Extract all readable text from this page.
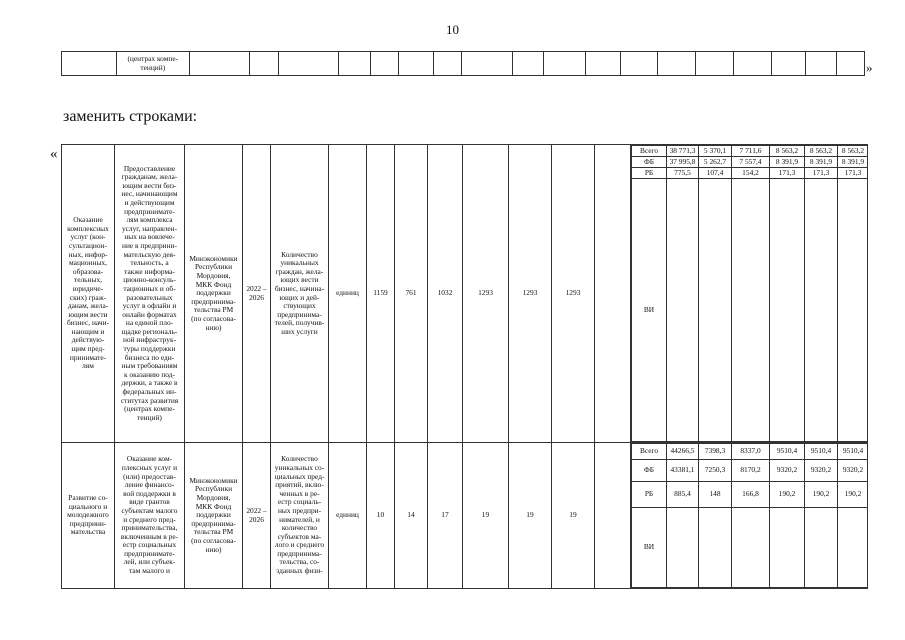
10
	(центрах компе-
тенций)																			»
заменить строками:
«
Оказание
комплексных
услуг (кон-
сультацион-
ных, инфор-
мационных,
образова-
тельных,
юридиче-
ских) граж-
данам, жела-
ющим вести
бизнес, начи-
нающим и
действую-
щим пред-
принимате-
лям	Предоставление
гражданам, жела-
ющим вести биз-
нес, начинающим
и действующим
предпринимате-
лям комплекса
услуг, направлен-
ных на вовлече-
ние в предприни-
мательскую дея-
тельность, а
также информа-
ционно-консуль-
тационных и об-
разовательных
услуг в офлайн и
онлайн форматах
на единой пло-
щадке региональ-
ной инфраструк-
туры поддержки
бизнеса по еди-
ным требованиям
к оказанию под-
держки, а также в
федеральных ин-
ститутах развития
(центрах компе-
тенций)	Минэкономики
Республики
Мордовия,
МКК Фонд
поддержки
предпринима-
тельства РМ
(по согласова-
нию)	2022 –
2026	Количество
уникальных
граждан, жела-
ющих вести
бизнес, начина-
ющих и дей-
ствующих
предпринима-
телей, получив-
ших услуги	единиц	1159	761	1032	1293	1293	1293		
Всего	38 771,3	5 370,1	7 711,6	8 563,2	8 563,2	8 563,2
ФБ	37 995,8	5 262,7	7 557,4	8 391,9	8 391,9	8 391,9
РБ	775,5	107,4	154,2	171,3	171,3	171,3
ВИ						

Развитие со-
циального и
молодежного
предприни-
мательства	Оказание ком-
плексных услуг и
(или) предостав-
ление финансо-
вой поддержки в
виде грантов
субъектам малого
и среднего пред-
принимательства,
включенным в ре-
естр социальных
предпринимате-
лей, или субъек-
там малого и	Минэкономики
Республики
Мордовия,
МКК Фонд
поддержки
предпринима-
тельства РМ
(по согласова-
нию)	2022 –
2026	Количество
уникальных со-
циальных пред-
приятий, вклю-
ченных в ре-
естр социаль-
ных предпри-
нимателей, и
количество
субъектов ма-
лого и среднего
предпринима-
тельства, со-
зданных физи-	единиц	10	14	17	19	19	19		
Всего	44266,5	7398,3	8337,0	9510,4	9510,4	9510,4
ФБ	43381,1	7250,3	8170,2	9320,2	9320,2	9320,2
РБ	885,4	148	166,8	190,2	190,2	190,2
ВИ						
